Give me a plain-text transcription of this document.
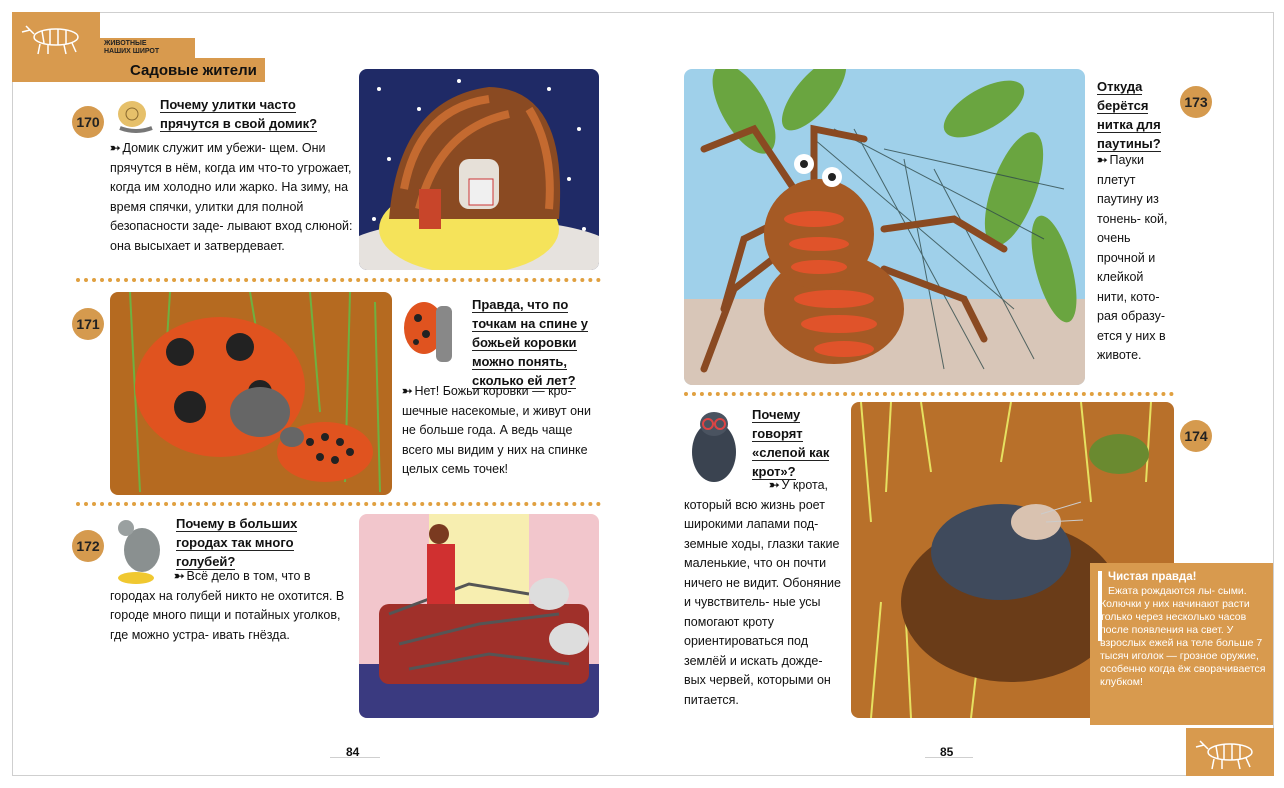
ЖИВОТНЫЕ
НАШИХ ШИРОТ
Садовые жители
170
Почему улитки часто прячутся в свой домик?
➳ Домик служит им убежи- щем. Они прячутся в нём, когда им что-то угрожает, когда им холодно или жарко. На зиму, на время спячки, улитки для полной безопасности заде- лывают вход слюной: она высыхает и затвердевает.
171
Правда, что по точкам на спине у божьей коровки можно понять, сколько ей лет?
➳ Нет! Божьи коровки — кро- шечные насекомые, и живут они не больше года. А ведь чаще всего мы видим у них на спинке целых семь точек!
172
Почему в больших городах так много голубей?
➳ Всё дело в том, что в городах на голубей никто не охотится. В городе много пищи и потайных уголков, где можно устра- ивать гнёзда.
84
Откуда берётся нитка для паутины?
173
➳ Пауки плетут паутину из тонень- кой, очень прочной и клейкой нити, кото- рая образу- ется у них в животе.
Почему говорят «слепой как крот»?
➳ У крота, который всю жизнь роет широкими лапами под- земные ходы, глазки такие маленькие, что он почти ничего не видит. Обоняние и чувствитель- ные усы помогают кроту ориентироваться под землёй и искать дожде- вых червей, которыми он питается.
174
Чистая правда!
Ежата рождаются лы- сыми. Колючки у них начинают расти только через несколько часов после появления на свет. У взрослых ежей на теле больше 7 тысяч иголок — грозное оружие, особенно когда ёж сворачивается клубком!
85
